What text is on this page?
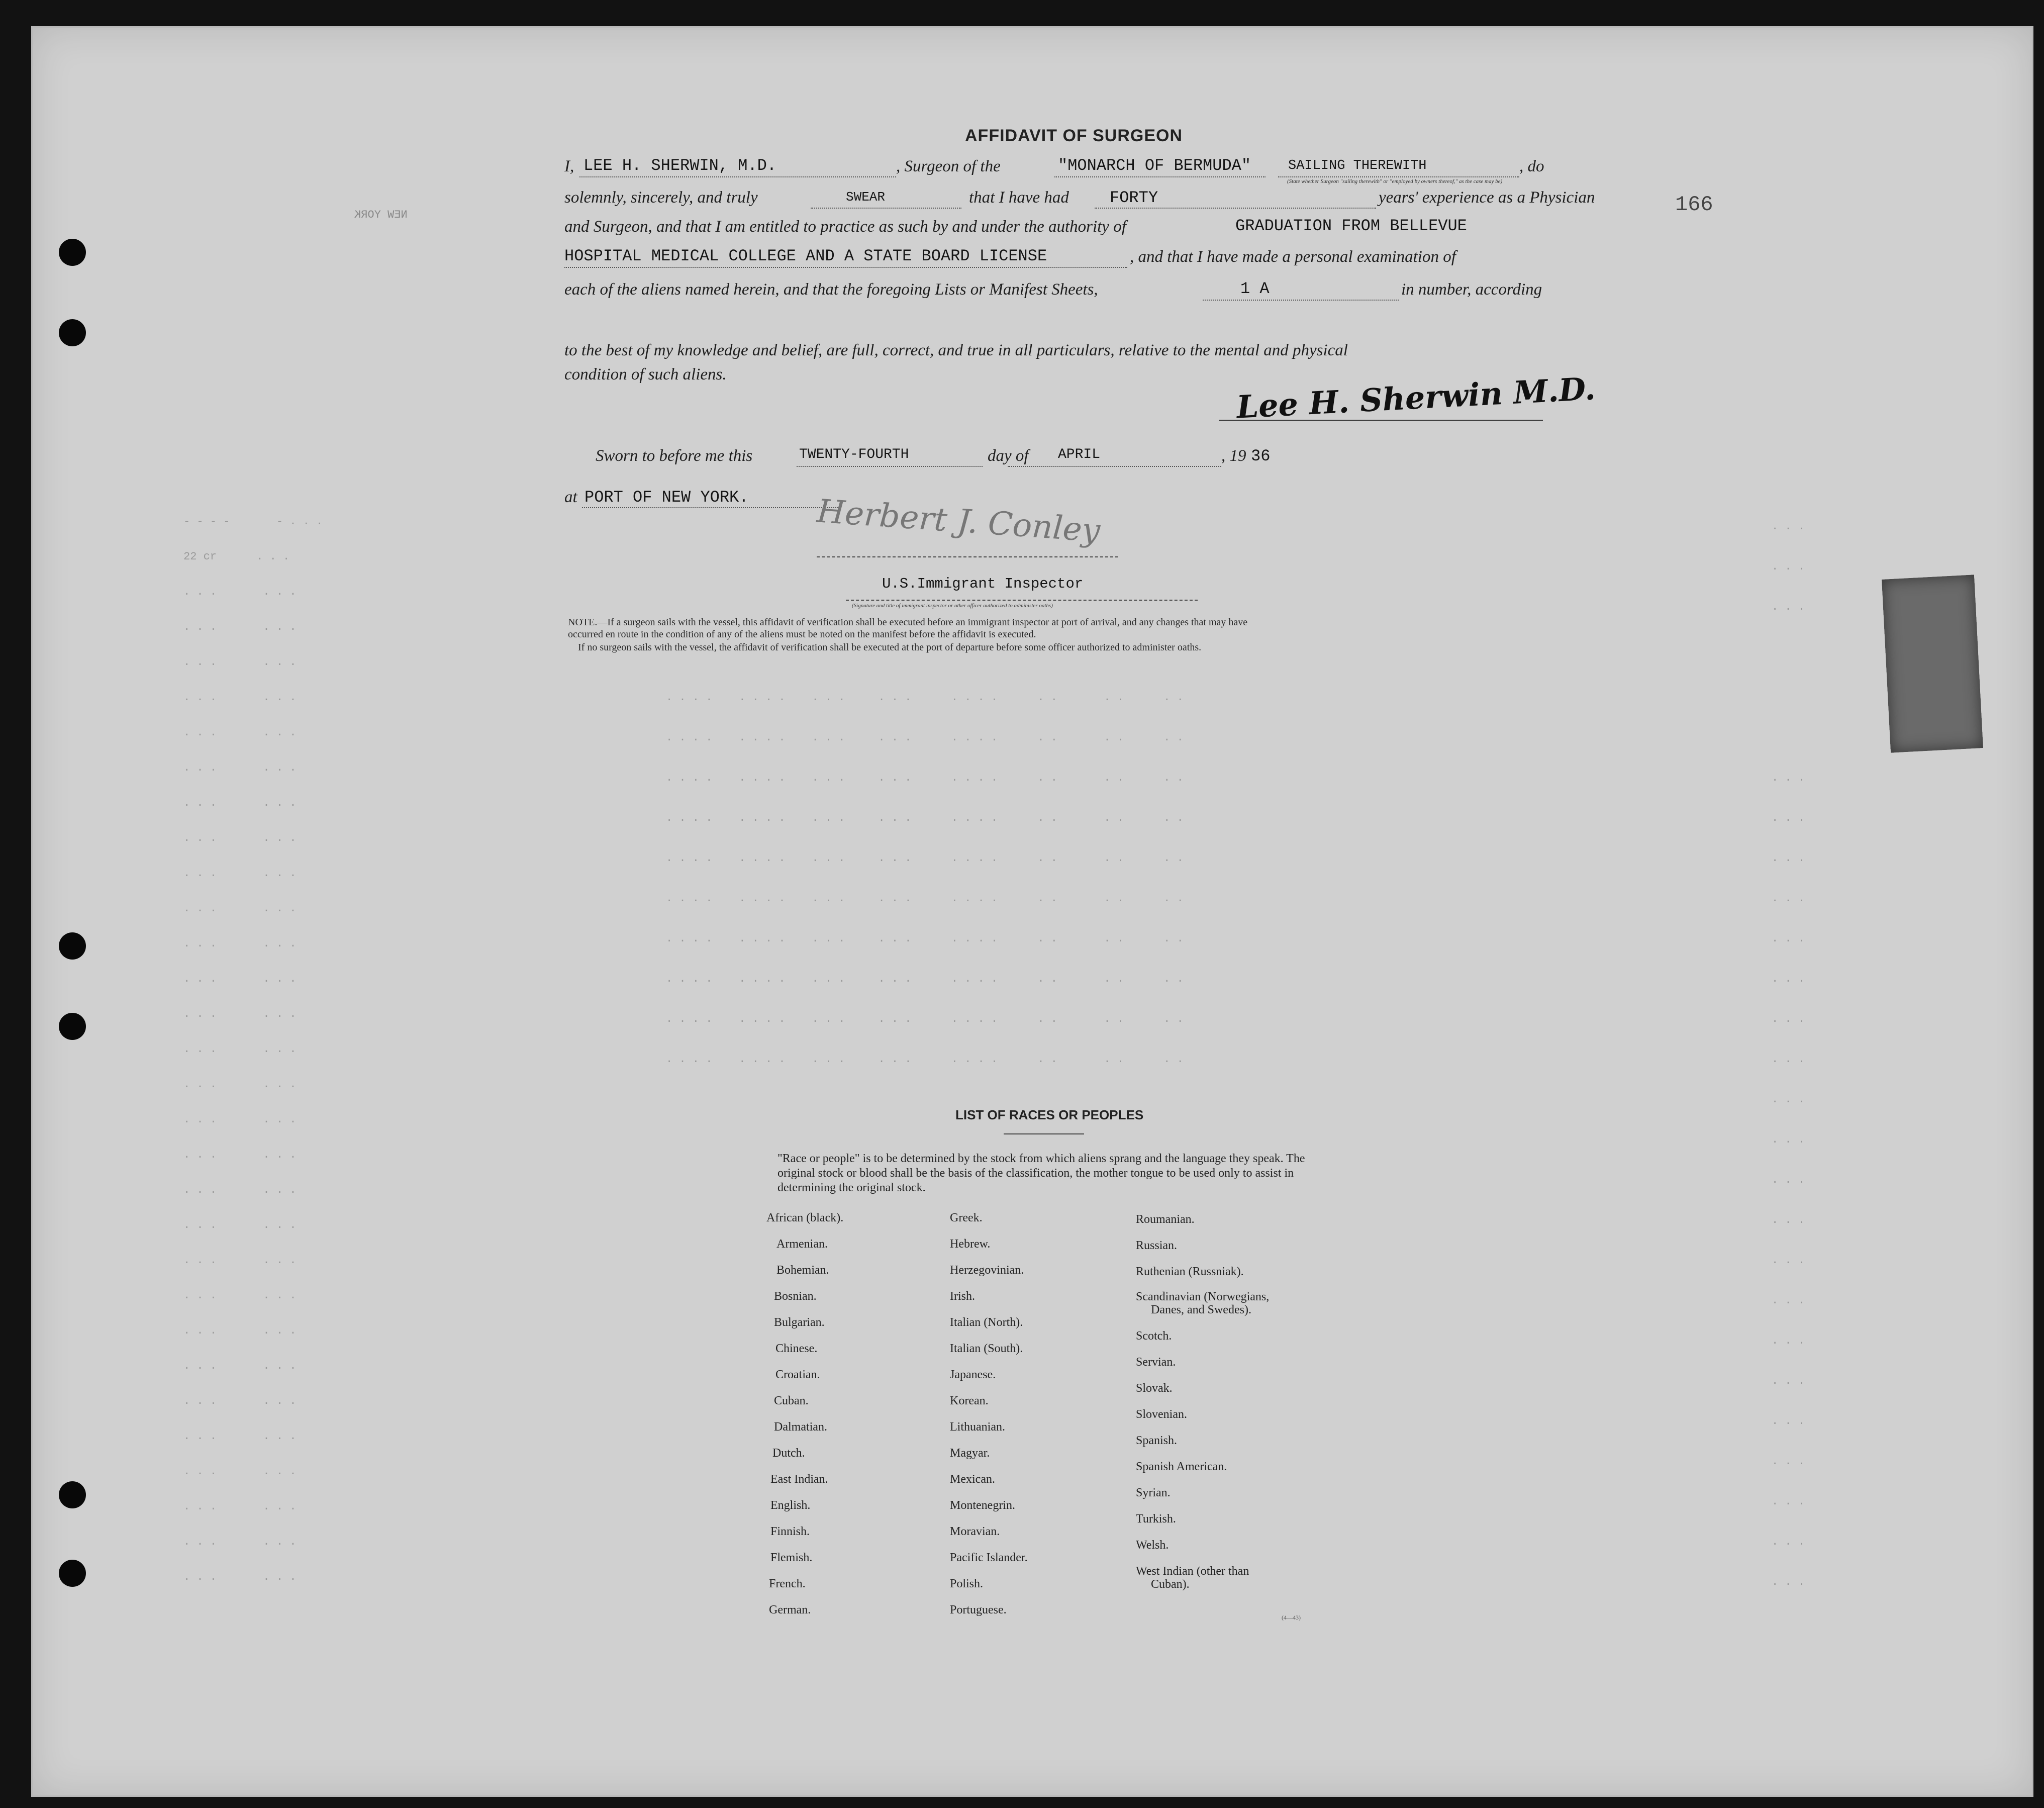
AFFIDAVIT OF SURGEON
166
NEW YORK
I, LEE H. SHERWIN, M.D.	, Surgeon of the	"MONARCH OF BERMUDA"	SAILING THEREWITH
(State whether Surgeon "sailing therewith" or "employed by owners thereof," as the case may be)
, do
solemnly, sincerely, and truly	SWEAR	that I have had	FORTY	years' experience as a Physician
and Surgeon, and that I am entitled to practice as such by and under the authority of	GRADUATION FROM BELLEVUE
HOSPITAL MEDICAL COLLEGE AND A STATE BOARD LICENSE	, and that I have made a personal examination of
each of the aliens named herein, and that the foregoing Lists or Manifest Sheets,	1 A	in number, according
to the best of my knowledge and belief, are full, correct, and true in all particulars, relative to the mental and physical
condition of such aliens.	Lee H. Sherwin M.D.
Sworn to before me this	TWENTY-FOURTH	day of APRIL	, 19 36
at PORT OF NEW YORK.
- - - -       - . . .
22 cr      . . .
. . .       . . .
. . .       . . .
. . .       . . .
. . .       . . .
. . .       . . .
. . .       . . .
. . .       . . .
. . .       . . .
. . .       . . .
. . .       . . .
. . .       . . .
. . .       . . .
. . .       . . .
. . .       . . .
. . .       . . .
. . .       . . .
. . .       . . .
. . .       . . .
. . .       . . .
. . .       . . .
. . .       . . .
. . .       . . .
. . .       . . .
. . .       . . .
. . .       . . .
. . .       . . .
. . .       . . .
. . .       . . .
. . .       . . .
. . . .    . . . .    . . .     . . .      . . . .      . .       . .      . .
. . . .    . . . .    . . .     . . .      . . . .      . .       . .      . .
. . . .    . . . .    . . .     . . .      . . . .      . .       . .      . .
. . . .    . . . .    . . .     . . .      . . . .      . .       . .      . .
. . . .    . . . .    . . .     . . .      . . . .      . .       . .      . .
. . . .    . . . .    . . .     . . .      . . . .      . .       . .      . .
. . . .    . . . .    . . .     . . .      . . . .      . .       . .      . .
. . . .    . . . .    . . .     . . .      . . . .      . .       . .      . .
. . . .    . . . .    . . .     . . .      . . . .      . .       . .      . .
. . . .    . . . .    . . .     . . .      . . . .      . .       . .      . .
. . .
. . .
. . .
. . .
. . .
. . .
. . .
. . .
. . .
. . .
. . .
. . .
. . .
. . .
. . .
. . .
. . .
. . .
. . .
. . .
. . .
. . .
. . .
. . .
Herbert J. Conley
U.S.Immigrant Inspector
(Signature and title of immigrant inspector or other officer authorized to administer oaths)
NOTE.—If a surgeon sails with the vessel, this affidavit of verification shall be executed before an immigrant inspector at port of arrival, and any changes that may have
occurred en route in the condition of any of the aliens must be noted on the manifest before the affidavit is executed.
If no surgeon sails with the vessel, the affidavit of verification shall be executed at the port of departure before some officer authorized to administer oaths.
LIST OF RACES OR PEOPLES
"Race or people" is to be determined by the stock from which aliens sprang and the language they speak. The original stock or blood shall be the basis of the classification, the mother tongue to be used only to assist in determining the original stock.
African (black).
Armenian.
Bohemian.
Bosnian.
Bulgarian.
Chinese.
Croatian.
Cuban.
Dalmatian.
Dutch.
East Indian.
English.
Finnish.
Flemish.
French.
German.
Greek.
Hebrew.
Herzegovinian.
Irish.
Italian (North).
Italian (South).
Japanese.
Korean.
Lithuanian.
Magyar.
Mexican.
Montenegrin.
Moravian.
Pacific Islander.
Polish.
Portuguese.
Roumanian.
Russian.
Ruthenian (Russniak).
Scandinavian (Norwegians,
Danes, and Swedes).
Scotch.
Servian.
Slovak.
Slovenian.
Spanish.
Spanish American.
Syrian.
Turkish.
Welsh.
West Indian (other than
Cuban).
(4—43)
